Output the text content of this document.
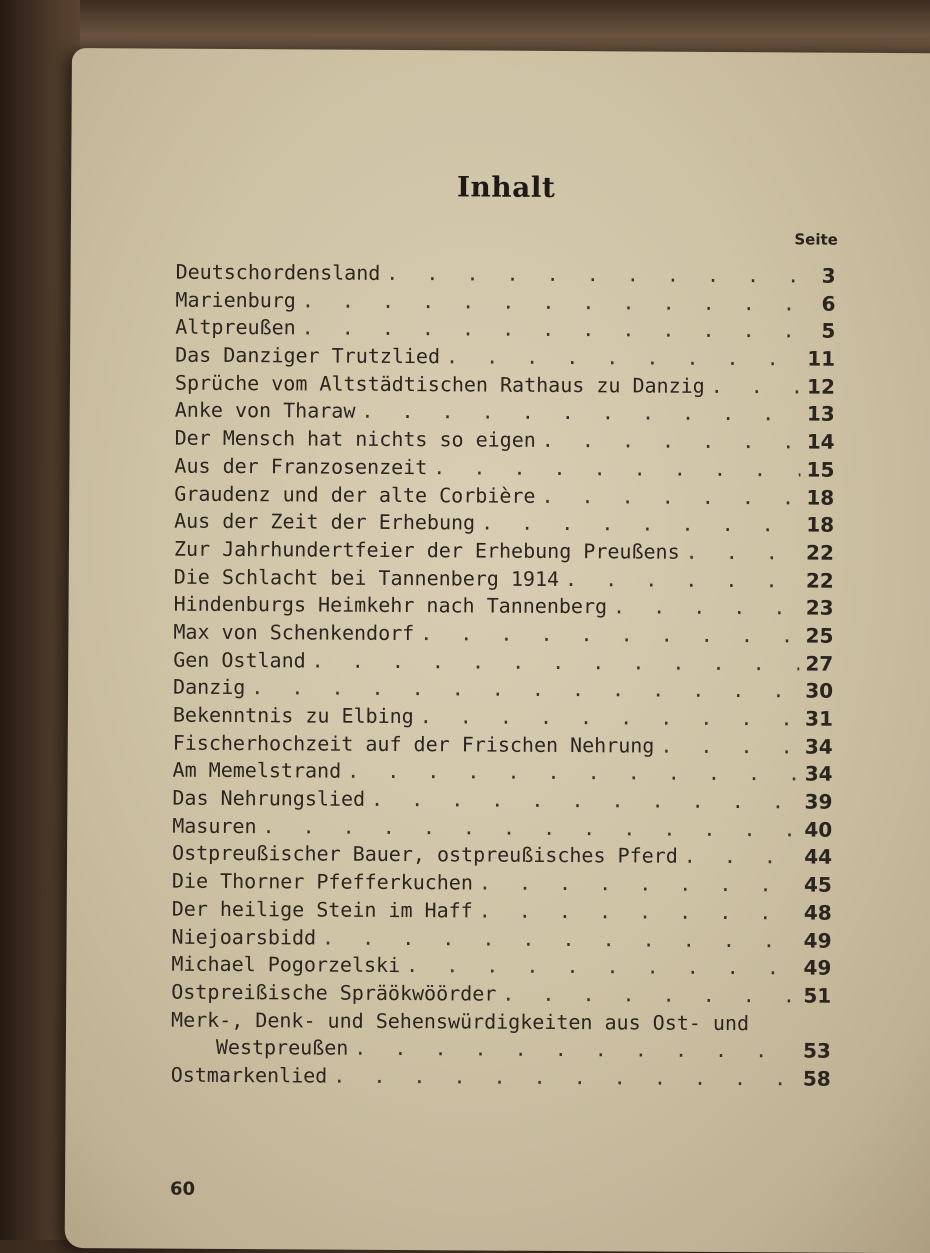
Inhalt
Seite
Deutschordensland . . .	3
Marienburg . . .	6
Altpreußen . . .	5
Das Danziger Trutzlied . . .	11
Sprüche vom Altstädtischen Rathaus zu Danzig . . .	12
Anke von Tharaw . . .	13
Der Mensch hat nichts so eigen . . .	14
Aus der Franzosenzeit . . .	15
Graudenz und der alte Corbière . . .	18
Aus der Zeit der Erhebung . . .	18
Zur Jahrhundertfeier der Erhebung Preußens . . .	22
Die Schlacht bei Tannenberg 1914 . . .	22
Hindenburgs Heimkehr nach Tannenberg . . .	23
Max von Schenkendorf . . .	25
Gen Ostland . . .	27
Danzig . . .	30
Bekenntnis zu Elbing . . .	31
Fischerhochzeit auf der Frischen Nehrung . . .	34
Am Memelstrand . . .	34
Das Nehrungslied . . .	39
Masuren . . .	40
Ostpreußischer Bauer, ostpreußisches Pferd . . .	44
Die Thorner Pfefferkuchen . . .	45
Der heilige Stein im Haff . . .	48
Niejoarsbidd . . .	49
Michael Pogorzelski . . .	49
Ostpreißische Spräökwöörder . . .	51
Merk-, Denk- und Sehenswürdigkeiten aus Ost- und
Westpreußen . . .	53
Ostmarkenlied . . .	58
60
